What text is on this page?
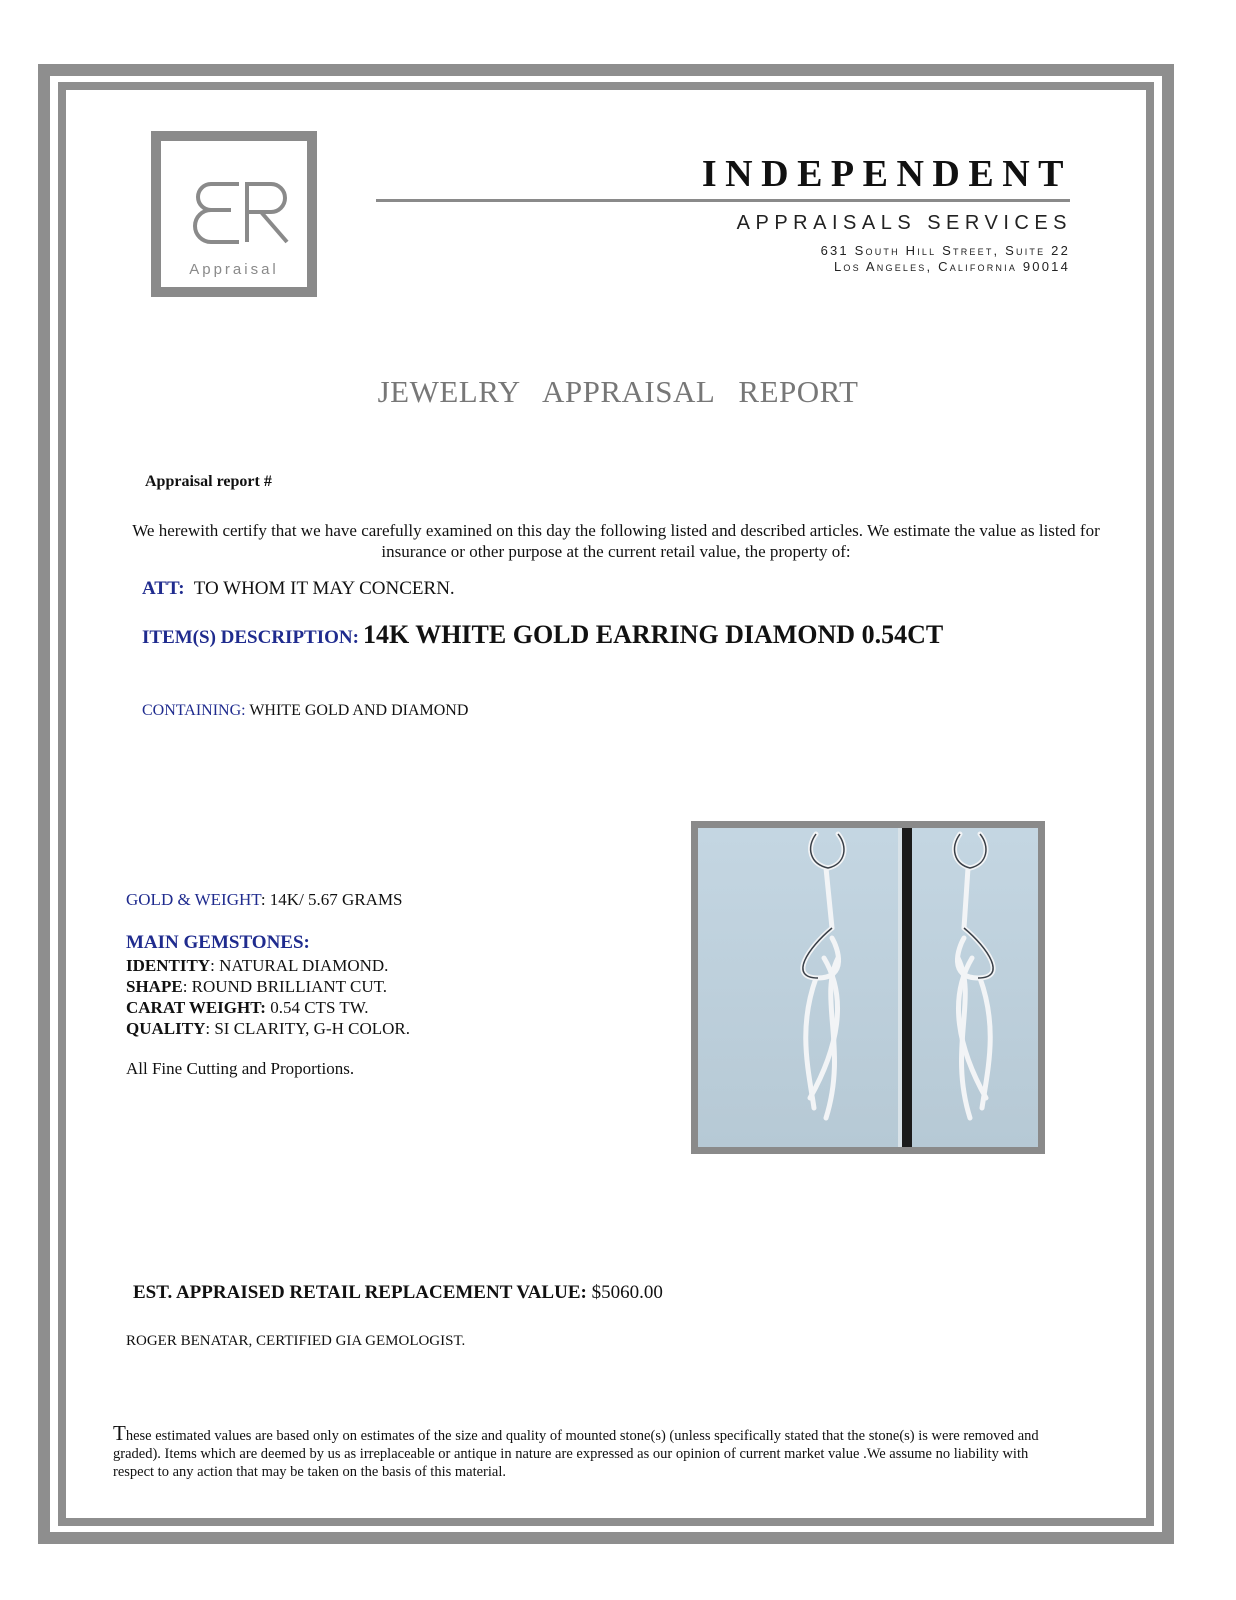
Appraisal
INDEPENDENT
APPRAISALS SERVICES
631 South Hill Street, Suite 22
Los Angeles, California 90014
JEWELRY APPRAISAL REPORT
Appraisal report #
We herewith certify that we have carefully examined on this day the following listed and described articles. We estimate the value as listed for insurance or other purpose at the current retail value, the property of:
ATT: TO WHOM IT MAY CONCERN.
ITEM(S) DESCRIPTION: 14K WHITE GOLD EARRING DIAMOND 0.54CT
CONTAINING: WHITE GOLD AND DIAMOND
GOLD & WEIGHT: 14K/ 5.67 GRAMS
MAIN GEMSTONES:
IDENTITY: NATURAL DIAMOND.
SHAPE: ROUND BRILLIANT CUT.
CARAT WEIGHT: 0.54 CTS TW.
QUALITY: SI CLARITY, G-H COLOR.
All Fine Cutting and Proportions.
EST. APPRAISED RETAIL REPLACEMENT VALUE: $5060.00
ROGER BENATAR, CERTIFIED GIA GEMOLOGIST.
These estimated values are based only on estimates of the size and quality of mounted stone(s) (unless specifically stated that the stone(s) is were removed and graded). Items which are deemed by us as irreplaceable or antique in nature are expressed as our opinion of current market value .We assume no liability with respect to any action that may be taken on the basis of this material.
